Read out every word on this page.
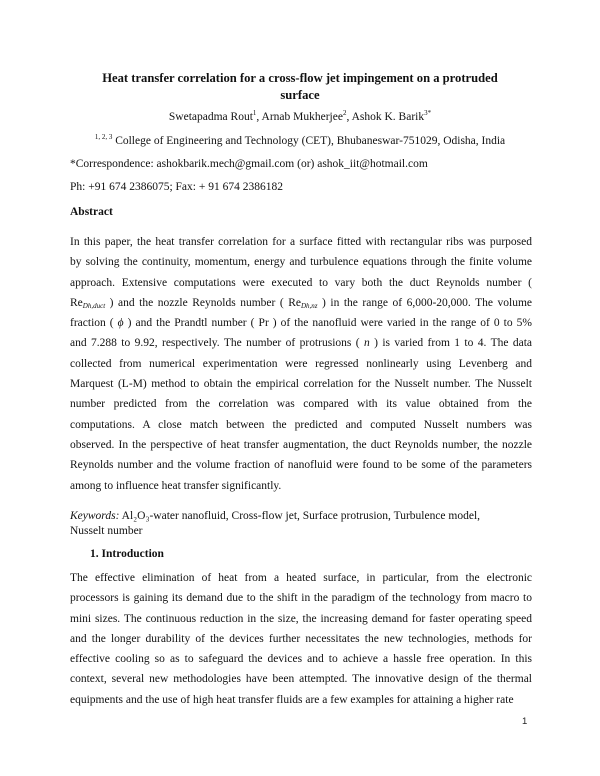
Heat transfer correlation for a cross-flow jet impingement on a protruded
surface
Swetapadma Rout$^1$, Arnab Mukherjee$^2$, Ashok K. Barik$^{3*}$
$^{1, 2, 3}$ College of Engineering and Technology (CET), Bhubaneswar-751029, Odisha, India
*Correspondence: ashokbarik.mech@gmail.com (or) ashok_iit@hotmail.com
Ph: +91 674 2386075; Fax: + 91 674 2386182
Abstract
In this paper, the heat transfer correlation for a surface fitted with rectangular ribs was purposed
by solving the continuity, momentum, energy and turbulence equations through the finite volume
approach. Extensive computations were executed to vary both the duct Reynolds number (
$Re_{Dh,duct}$ ) and the nozzle Reynolds number ( $Re_{Dh,nz}$ ) in the range of 6,000-20,000. The volume
fraction ( ϕ ) and the Prandtl number ( Pr ) of the nanofluid were varied in the range of 0 to 5%
and 7.288 to 9.92, respectively. The number of protrusions ( n ) is varied from 1 to 4. The data
collected from numerical experimentation were regressed nonlinearly using Levenberg and
Marquest (L-M) method to obtain the empirical correlation for the Nusselt number. The Nusselt
number predicted from the correlation was compared with its value obtained from the
computations. A close match between the predicted and computed Nusselt numbers was
observed. In the perspective of heat transfer augmentation, the duct Reynolds number, the nozzle
Reynolds number and the volume fraction of nanofluid were found to be some of the parameters
among to influence heat transfer significantly.
Keywords: Al₂O₃-water nanofluid, Cross-flow jet, Surface protrusion, Turbulence model,
Nusselt number
1. Introduction
The effective elimination of heat from a heated surface, in particular, from the electronic
processors is gaining its demand due to the shift in the paradigm of the technology from macro to
mini sizes. The continuous reduction in the size, the increasing demand for faster operating speed
and the longer durability of the devices further necessitates the new technologies, methods for
effective cooling so as to safeguard the devices and to achieve a hassle free operation. In this
context, several new methodologies have been attempted. The innovative design of the thermal
equipments and the use of high heat transfer fluids are a few examples for attaining a higher rate
1
